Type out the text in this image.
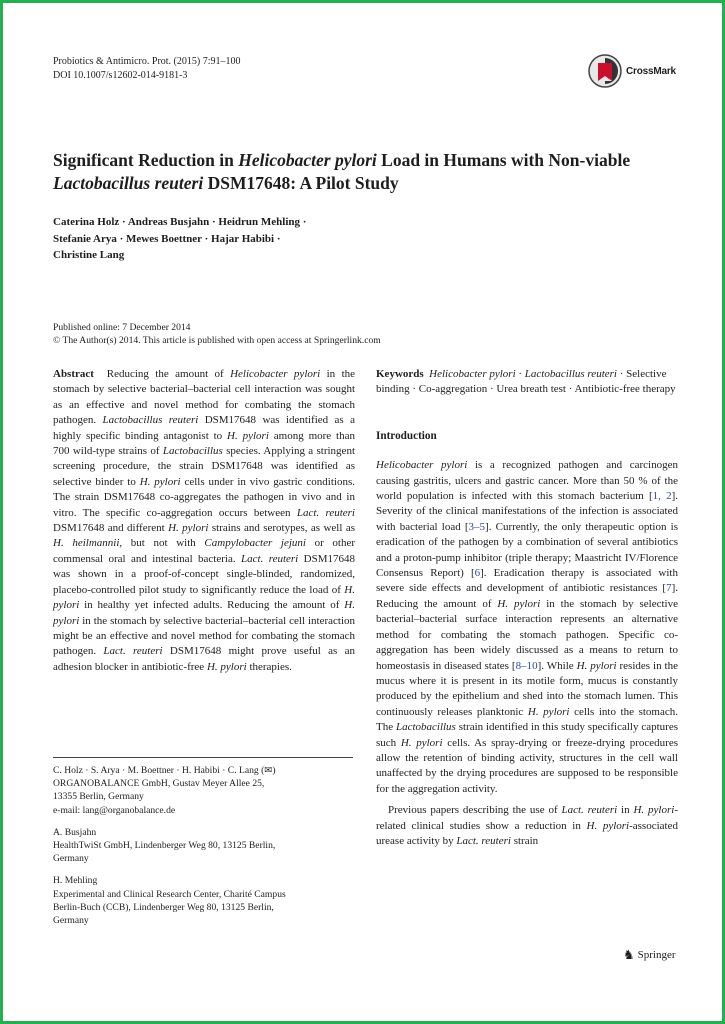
Probiotics & Antimicro. Prot. (2015) 7:91–100
DOI 10.1007/s12602-014-9181-3	CrossMark
Significant Reduction in Helicobacter pylori Load in Humans with Non-viable Lactobacillus reuteri DSM17648: A Pilot Study
Caterina Holz · Andreas Busjahn · Heidrun Mehling ·
Stefanie Arya · Mewes Boettner · Hajar Habibi ·
Christine Lang
Published online: 7 December 2014
© The Author(s) 2014. This article is published with open access at Springerlink.com

Abstract Reducing the amount of Helicobacter pylori in the stomach by selective bacterial–bacterial cell interaction was sought as an effective and novel method for combating the stomach pathogen. Lactobacillus reuteri DSM17648 was identified as a highly specific binding antagonist to H. pylori among more than 700 wild-type strains of Lactobacillus species. Applying a stringent screening procedure, the strain DSM17648 was identified as selective binder to H. pylori cells under in vivo gastric conditions. The strain DSM17648 co-aggregates the pathogen in vivo and in vitro. The specific co-aggregation occurs between Lact. reuteri DSM17648 and different H. pylori strains and serotypes, as well as H. heilmannii, but not with Campylobacter jejuni or other commensal oral and intestinal bacteria. Lact. reuteri DSM17648 was shown in a proof-of-concept single-blinded, randomized, placebo-controlled pilot study to significantly reduce the load of H. pylori in healthy yet infected adults. Reducing the amount of H. pylori in the stomach by selective bacterial–bacterial cell interaction might be an effective and novel method for combating the stomach pathogen. Lact. reuteri DSM17648 might prove useful as an adhesion blocker in antibiotic-free H. pylori therapies.

C. Holz · S. Arya · M. Boettner · H. Habibi · C. Lang (✉)
ORGANOBALANCE GmbH, Gustav Meyer Allee 25,
13355 Berlin, Germany
e-mail: lang@organobalance.de
A. Busjahn
HealthTwiSt GmbH, Lindenberger Weg 80, 13125 Berlin,
Germany
H. Mehling
Experimental and Clinical Research Center, Charité Campus
Berlin-Buch (CCB), Lindenberger Weg 80, 13125 Berlin,
Germany

Keywords Helicobacter pylori · Lactobacillus reuteri · Selective binding · Co-aggregation · Urea breath test · Antibiotic-free therapy

Introduction

Helicobacter pylori is a recognized pathogen and carcinogen causing gastritis, ulcers and gastric cancer. More than 50 % of the world population is infected with this stomach bacterium [1, 2]. Severity of the clinical manifestations of the infection is associated with bacterial load [3–5]. Currently, the only therapeutic option is eradication of the pathogen by a combination of several antibiotics and a proton-pump inhibitor (triple therapy; Maastricht IV/Florence Consensus Report) [6]. Eradication therapy is associated with severe side effects and development of antibiotic resistances [7]. Reducing the amount of H. pylori in the stomach by selective bacterial–bacterial surface interaction represents an alternative method for combating the stomach pathogen. Specific co-aggregation has been widely discussed as a means to return to homeostasis in diseased states [8–10]. While H. pylori resides in the mucus where it is present in its motile form, mucus is constantly produced by the epithelium and shed into the stomach lumen. This continuously releases planktonic H. pylori cells into the stomach. The Lactobacillus strain identified in this study specifically captures such H. pylori cells. As spray-drying or freeze-drying procedures allow the retention of binding activity, structures in the cell wall unaffected by the drying procedures are supposed to be responsible for the aggregation activity.

Previous papers describing the use of Lact. reuteri in H. pylori-related clinical studies show a reduction in H. pylori-associated urease activity by Lact. reuteri strain

♞ Springer
